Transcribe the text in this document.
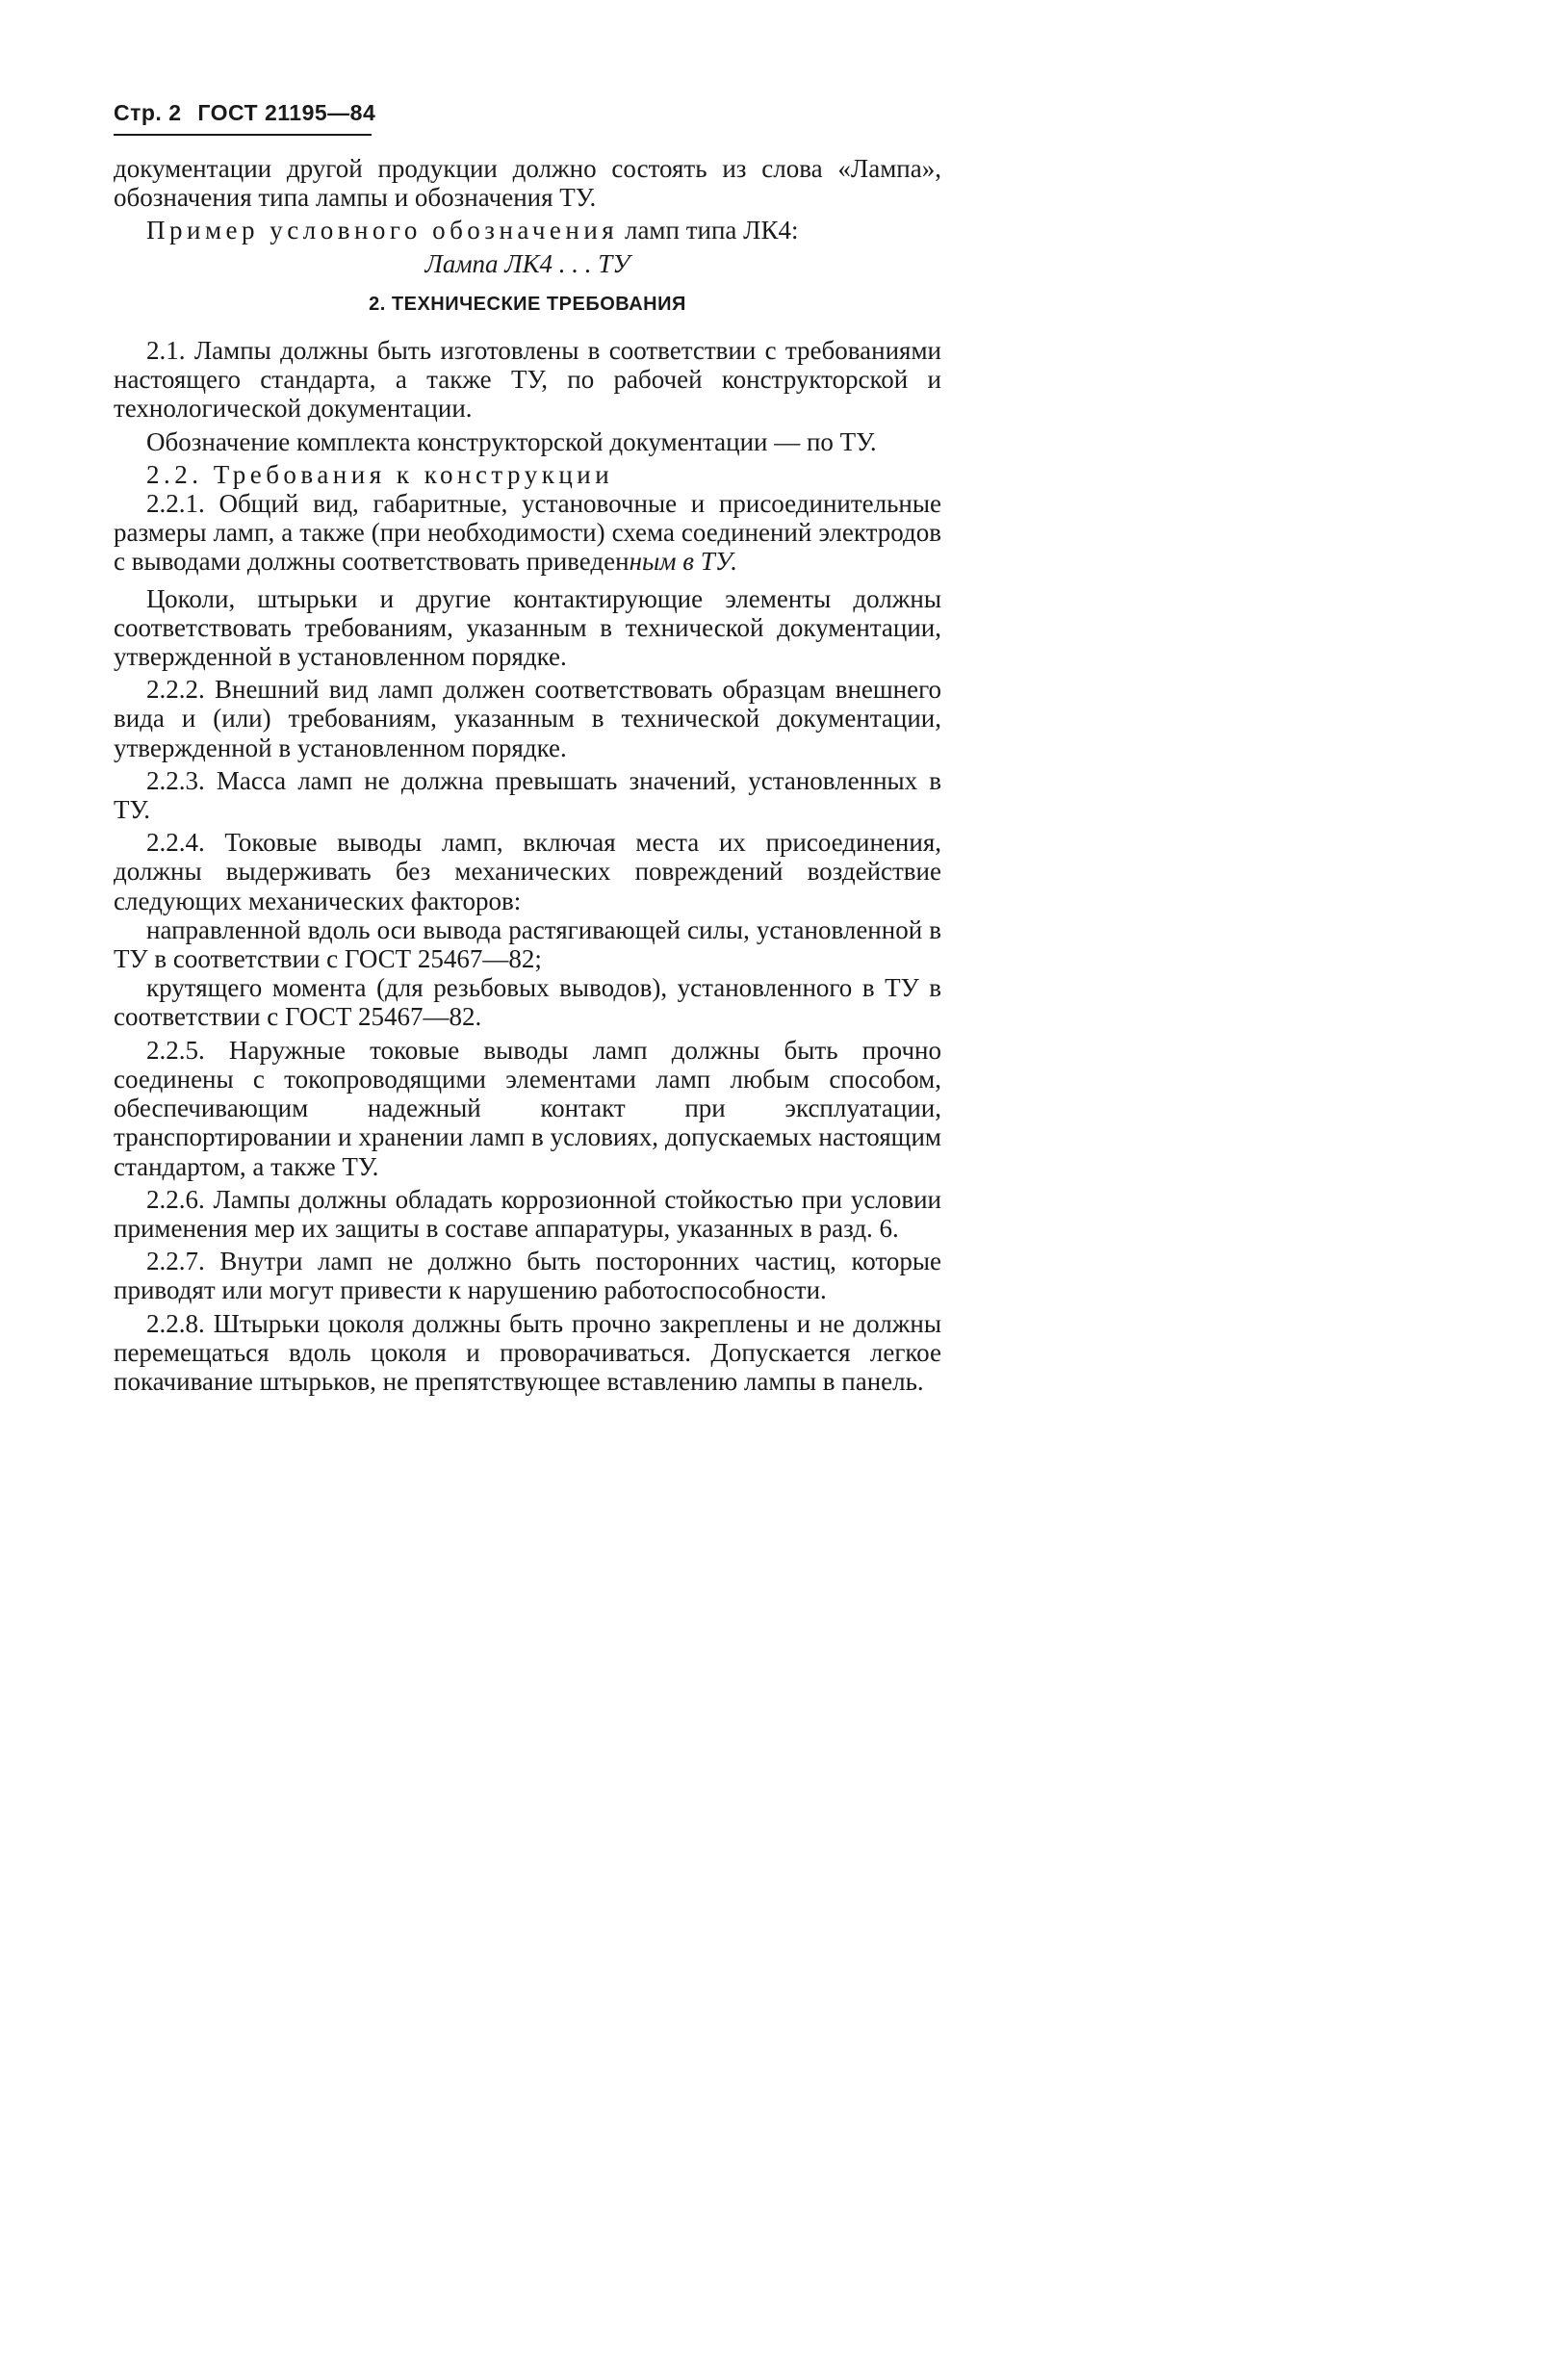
Стр. 2 ГОСТ 21195—84

документации другой продукции должно состоять из слова «Лампа», обозначения типа лампы и обозначения ТУ.

Пример условного обозначения ламп типа ЛК4:

Лампа ЛК4 . . . ТУ

2. ТЕХНИЧЕСКИЕ ТРЕБОВАНИЯ

2.1. Лампы должны быть изготовлены в соответствии с требованиями настоящего стандарта, а также ТУ, по рабочей конструкторской и технологической документации.

Обозначение комплекта конструкторской документации — по ТУ.

2.2. Требования к конструкции

2.2.1. Общий вид, габаритные, установочные и присоединительные размеры ламп, а также (при необходимости) схема соединений электродов с выводами должны соответствовать приведенным в ТУ.

Цоколи, штырьки и другие контактирующие элементы должны соответствовать требованиям, указанным в технической документации, утвержденной в установленном порядке.

2.2.2. Внешний вид ламп должен соответствовать образцам внешнего вида и (или) требованиям, указанным в технической документации, утвержденной в установленном порядке.

2.2.3. Масса ламп не должна превышать значений, установленных в ТУ.

2.2.4. Токовые выводы ламп, включая места их присоединения, должны выдерживать без механических повреждений воздействие следующих механических факторов:

направленной вдоль оси вывода растягивающей силы, установленной в ТУ в соответствии с ГОСТ 25467—82;

крутящего момента (для резьбовых выводов), установленного в ТУ в соответствии с ГОСТ 25467—82.

2.2.5. Наружные токовые выводы ламп должны быть прочно соединены с токопроводящими элементами ламп любым способом, обеспечивающим надежный контакт при эксплуатации, транспортировании и хранении ламп в условиях, допускаемых настоящим стандартом, а также ТУ.

2.2.6. Лампы должны обладать коррозионной стойкостью при условии применения мер их защиты в составе аппаратуры, указанных в разд. 6.

2.2.7. Внутри ламп не должно быть посторонних частиц, которые приводят или могут привести к нарушению работоспособности.

2.2.8. Штырьки цоколя должны быть прочно закреплены и не должны перемещаться вдоль цоколя и проворачиваться. Допускается легкое покачивание штырьков, не препятствующее вставлению лампы в панель.
